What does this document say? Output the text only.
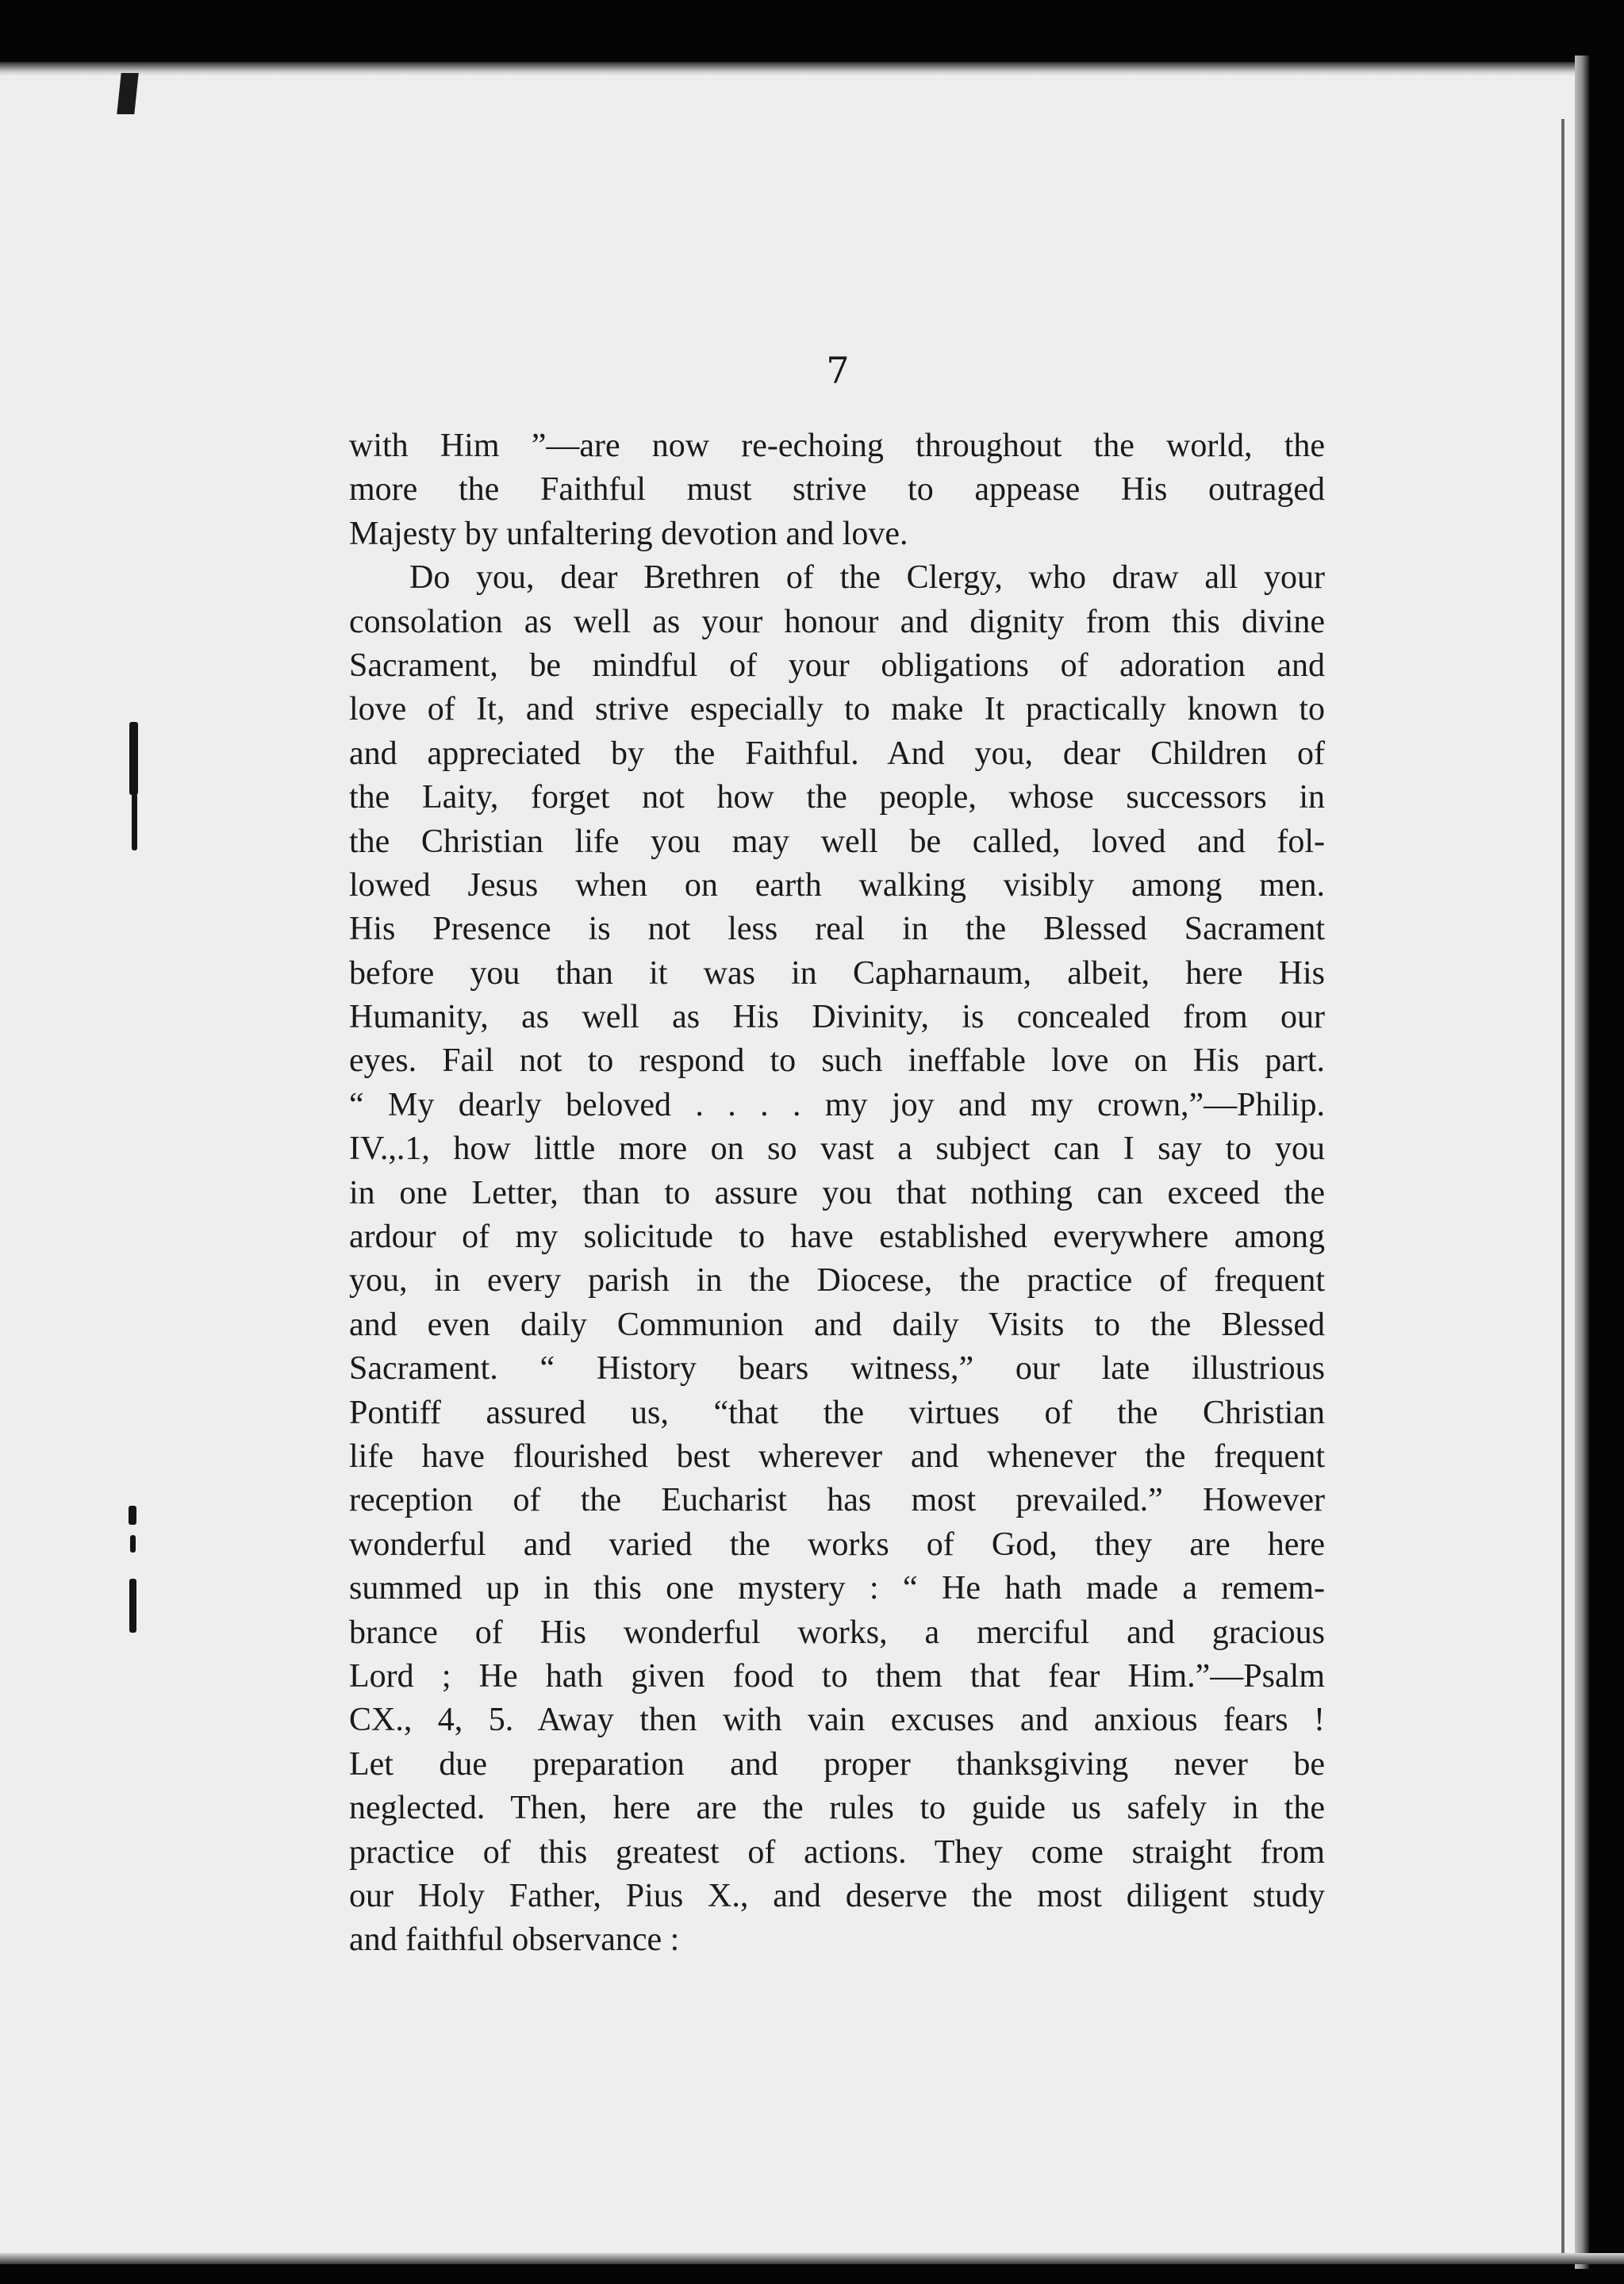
7

with Him ”—are now re-echoing throughout the world, the
more the Faithful must strive to appease His outraged
Majesty by unfaltering devotion and love.
Do you, dear Brethren of the Clergy, who draw all your
consolation as well as your honour and dignity from this divine
Sacrament, be mindful of your obligations of adoration and
love of It, and strive especially to make It practically known to
and appreciated by the Faithful. And you, dear Children of
the Laity, forget not how the people, whose successors in
the Christian life you may well be called, loved and fol-
lowed Jesus when on earth walking visibly among men.
His Presence is not less real in the Blessed Sacrament
before you than it was in Capharnaum, albeit, here His
Humanity, as well as His Divinity, is concealed from our
eyes. Fail not to respond to such ineffable love on His part.
“ My dearly beloved . . . . my joy and my crown,”—Philip.
IV.,.1, how little more on so vast a subject can I say to you
in one Letter, than to assure you that nothing can exceed the
ardour of my solicitude to have established everywhere among
you, in every parish in the Diocese, the practice of frequent
and even daily Communion and daily Visits to the Blessed
Sacrament. “ History bears witness,” our late illustrious
Pontiff assured us, “that the virtues of the Christian
life have flourished best wherever and whenever the frequent
reception of the Eucharist has most prevailed.” However
wonderful and varied the works of God, they are here
summed up in this one mystery : “ He hath made a remem-
brance of His wonderful works, a merciful and gracious
Lord ; He hath given food to them that fear Him.”—Psalm
CX., 4, 5. Away then with vain excuses and anxious fears !
Let due preparation and proper thanksgiving never be
neglected. Then, here are the rules to guide us safely in the
practice of this greatest of actions. They come straight from
our Holy Father, Pius X., and deserve the most diligent study
and faithful observance :
